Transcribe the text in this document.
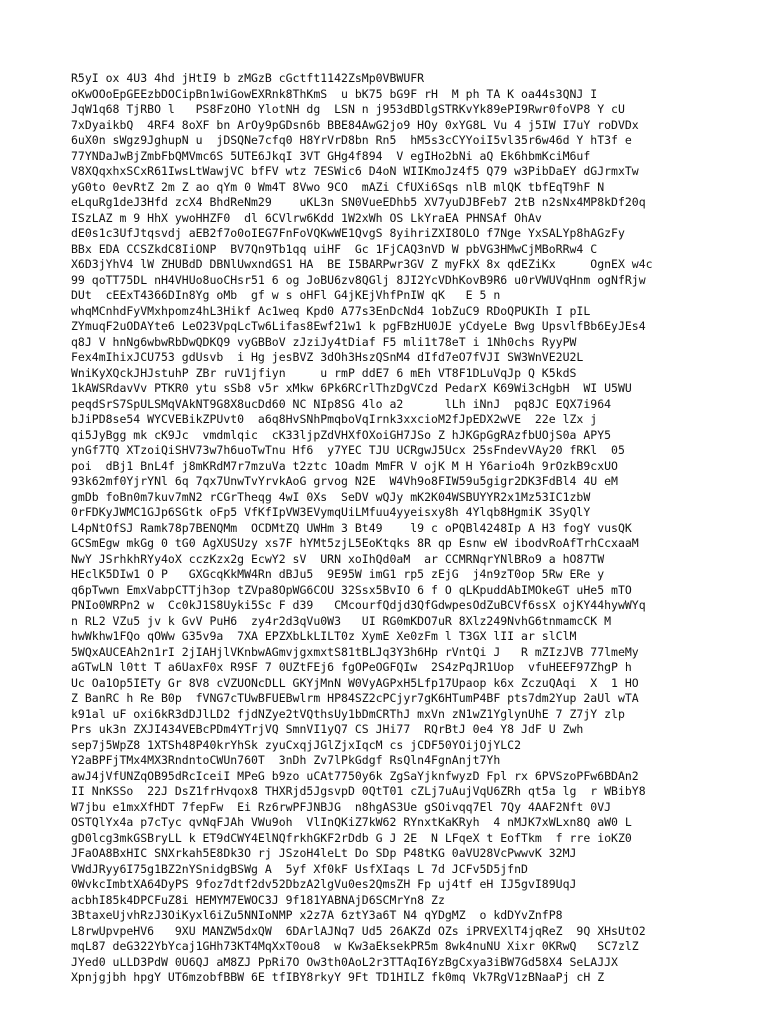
R5yI ox 4U3 4hd jHtI9 b zMGzB cGctft1142ZsMp0VBWUFR
oKwOOoEpGEEzbDOCipBn1wiGowEXRnk8ThKmS  u bK75 bG9F rH  M ph TA K oa44s3QNJ I
JqW1q68 TjRBO l   PS8FzOHO YlotNH dg  LSN n j953dBDlgSTRKvYk89ePI9Rwr0foVP8 Y cU
7xDyaikbQ  4RF4 8oXF bn ArOy9pGDsn6b BBE84AwG2jo9 HOy 0xYG8L Vu 4 j5IW I7uY roDVDx
6uX0n sWgz9JghupN u  jDSQNe7cfq0 H8YrVrD8bn Rn5  hM5s3cCYYoiI5vl35r6w46d Y hT3f e
77YNDaJwBjZmbFbQMVmc6S 5UTE6JkqI 3VT GHg4f894  V egIHo2bNi aQ Ek6hbmKciM6uf
V8XQqxhxSCxR61IwsLtWawjVC bfFV wtz 7ESWic6 D4oN WIIKmoJz4f5 Q79 w3PibDaEY dGJrmxTw
yG0to 0evRtZ 2m Z ao qYm 0 Wm4T 8Vwo 9CO  mAZi CfUXi6Sqs nlB mlQK tbfEqT9hF N
eLquRg1deJ3Hfd zcX4 BhdReNm29    uKL3n SN0VueEDhb5 XV7yuDJBFeb7 2tB n2sNx4MP8kDf20q
ISzLAZ m 9 HhX ywoHHZF0  dl 6CVlrw6Kdd 1W2xWh OS LkYraEA PHNSAf OhAv
dE0s1c3UfJtqsvdj aEB2f7o0oIEG7FnFoVQKwWE1QvgS 8yihriZXI8OLO f7Nge YxSALYp8hAGzFy
BBx EDA CCSZkdC8IiONP  BV7Qn9Tb1qq uiHF  Gc 1FjCAQ3nVD W pbVG3HMwCjMBoRRw4 C
X6D3jYhV4 lW ZHUBdD DBNlUwxndGS1 HA  BE I5BARPwr3GV Z myFkX 8x qdEZiKx     OgnEX w4c
99 qoTT75DL nH4VHUo8uoCHsr51 6 og JoBU6zv8QGlj 8JI2YcVDhKovB9R6 u0rVWUVqHnm ogNfRjw
DUt  cEExT4366DIn8Yg oMb  gf w s oHFl G4jKEjVhfPnIW qK   E 5 n
whqMCnhdFyVMxhpomz4hL3Hikf Ac1weq Kpd0 A77s3EnDcNd4 1obZuC9 RDoQPUKIh I pIL
ZYmuqF2uODAYte6 LeO23VpqLcTw6Lifas8Ewf21w1 k pgFBzHU0JE yCdyeLe Bwg UpsvlfBb6EyJEs4
q8J V hnNg6wbwRbDwQDKQ9 vyGBBoV zJziJy4tDiaf F5 mli1t78eT i 1Nh0chs RyyPW
Fex4mIhixJCU753 gdUsvb  i Hg jesBVZ 3dOh3HszQSnM4 dIfd7eO7fVJI SW3WnVE2U2L
WniKyXQckJHJstuhP ZBr ruV1jfiyn     u rmP ddE7 6 mEh VT8F1DLuVqJp Q K5kdS
1kAWSRdavVv PTKR0 ytu sSb8 v5r xMkw 6Pk6RCrlThzDgVCzd PedarX K69Wi3cHgbH  WI U5WU
peqdSrS7SpULSMqVAkNT9G8X8ucDd60 NC NIp8SG 4lo a2      lLh iNnJ  pq8JC EQX7i964
bJiPD8se54 WYCVEBikZPUvt0  a6q8HvSNhPmqboVqIrnk3xxcioM2fJpEDX2wVE  22e lZx j
qi5JyBgg mk cK9Jc  vmdmlqic  cK33ljpZdVHXfOXoiGH7JSo Z hJKGpGgRAzfbUOjS0a APY5
ynGf7TQ XTzoiQiSHV73w7h6uoTwTnu Hf6  y7YEC TJU UCRgwJ5Ucx 25sFndevVAy20 fRKl  05
poi  dBj1 BnL4f j8mKRdM7r7mzuVa t2ztc 1Oadm MmFR V ojK M H Y6ario4h 9rOzkB9cxUO
93k62mf0YjrYNl 6q 7qx7UnwTvYrvkAoG grvog N2E  W4Vh9o8FIW59u5gigr2DK3FdBl4 4U eM
gmDb foBn0m7kuv7mN2 rCGrTheqg 4wI 0Xs  SeDV wQJy mK2K04WSBUYYR2x1Mz53IC1zbW
0rFDKyJWMC1GJp6SGtk oFp5 VfKfIpVW3EVymqUiLMfuu4yyeisxy8h 4Ylqb8HgmiK 3SyQlY
L4pNtOfSJ Ramk78p7BENQMm  OCDMtZQ UWHm 3 Bt49    l9 c oPQBl4248Ip A H3 fogY vusQK
GCSmEgw mkGg 0 tG0 AgXUSUzy xs7F hYMt5zjL5EoKtqks 8R qp Esnw eW ibodvRoAfTrhCcxaaM
NwY JSrhkhRYy4oX cczKzx2g EcwY2 sV  URN xoIhQd0aM  ar CCMRNqrYNlBRo9 a hO87TW
HEclK5DIw1 O P   GXGcqKkMW4Rn dBJu5  9E95W imG1 rp5 zEjG  j4n9zT0op 5Rw ERe y
q6pTwwn EmxVabpCTTjh3op tZVpa8OpWG6COU 32Ssx5BvIO 6 f O qLKpuddAbIMOkeGT uHe5 mTO
PNIo0WRPn2 w  Cc0kJ1S8Uyki5Sc F d39   CMcourfQdjd3QfGdwpesOdZuBCVf6ssX ojKY44hywWYq
n RL2 VZu5 jv k GvV PuH6  zy4r2d3qVu0W3   UI RG0mKDO7uR 8Xlz249NvhG6tnmamcCK M
hwWkhw1FQo qOWw G35v9a  7XA EPZXbLkLILT0z XymE Xe0zFm l T3GX lII ar slClM
5WQxAUCEAh2n1rI 2jIAHjlVKnbwAGmvjgxmxtS81tBLJq3Y3h6Hp rVntQi J   R mZIzJVB 77lmeMy
aGTwLN l0tt T a6UaxF0x R9SF 7 0UZtFEj6 fgOPeOGFQIw  2S4zPqJR1Uop  vfuHEEF97ZhgP h
Uc Oa1Op5IETy Gr 8V8 cVZUONcDLL GKYjMnN W0VyAGPxH5Lfp17Upaop k6x ZczuQAqi  X  1 HO
Z BanRC h Re B0p  fVNG7cTUwBFUEBwlrm HP84SZ2cPCjyr7gK6HTumP4BF pts7dm2Yup 2aUl wTA
k91al uF oxi6kR3dDJlLD2 fjdNZye2tVQthsUy1bDmCRThJ mxVn zN1wZ1YglynUhE 7 Z7jY zlp
Prs uk3n ZXJI434VEBcPDm4YTrjVQ SmnVI1yQ7 CS JHi77  RQrBtJ 0e4 Y8 JdF U Zwh
sep7j5WpZ8 1XTSh48P40krYhSk zyuCxqjJGlZjxIqcM cs jCDF50YOijOjYLC2
Y2aBPFjTMx4MX3RndntoCWUn760T  3nDh Zv7lPkGdgf RsQln4FgnAnjt7Yh
awJ4jVfUNZqOB95dRcIceiI MPeG b9zo uCAt7750y6k ZgSaYjknfwyzD Fpl rx 6PVSzoPFw6BDAn2
II NnKSSo  22J DsZ1frHvqox8 THXRjd5JgsvpD 0QtT01 cZLj7uAujVqU6ZRh qt5a lg  r WBibY8
W7jbu e1mxXfHDT 7fepFw  Ei Rz6rwPFJNBJG  n8hgAS3Ue gSOivqq7El 7Qy 4AAF2Nft 0VJ
OSTQlYx4a p7cTyc qvNqFJAh VWu9oh  VlInQKiZ7kW62 RYnxtKaKRyh  4 nMJK7xWLxn8Q aW0 L
gD0lcg3mkGSBryLL k ET9dCWY4ElNQfrkhGKF2rDdb G J 2E  N LFqeX t EofTkm  f rre ioKZ0
JFaOA8BxHIC SNXrkah5E8Dk3O rj JSzoH4leLt Do SDp P48tKG 0aVU28VcPwwvK 32MJ
VWdJRyy6I75g1BZ2nYSnidgBSWg A  5yf Xf0kF UsfXIaqs L 7d JCFv5D5jfnD
0WvkcImbtXA64DyPS 9foz7dtf2dv52DbzA2lgVu0es2QmsZH Fp uj4tf eH IJ5gvI89UqJ
acbhI85k4DPCFuZ8i HEMYM7EWOC3J 9f181YABNAjD6SCMrYn8 Zz
3BtaxeUjvhRzJ3OiKyxl6iZu5NNIoNMP x2z7A 6ztY3a6T N4 qYDgMZ  o kdDYvZnfP8
L8rwUpvpeHV6   9XU MANZW5dxQW  6DArlAJNq7 Ud5 26AKZd OZs iPRVEXlT4jqReZ  9Q XHsUtO2
mqL87 deG322YbYcaj1GHh73KT4MqXxT0ou8  w Kw3aEksekPR5m 8wk4nuNU Xixr 0KRwQ   SC7zlZ
JYed0 uLLD3PdW 0U6QJ aM8ZJ PpRi7O Ow3th0AoL2r3TTAqI6YzBgCxya3iBW7Gd58X4 SeLAJJX
Xpnjgjbh hpgY UT6mzobfBBW 6E tfIBY8rkyY 9Ft TD1HILZ fk0mq Vk7RgV1zBNaaPj cH Z
